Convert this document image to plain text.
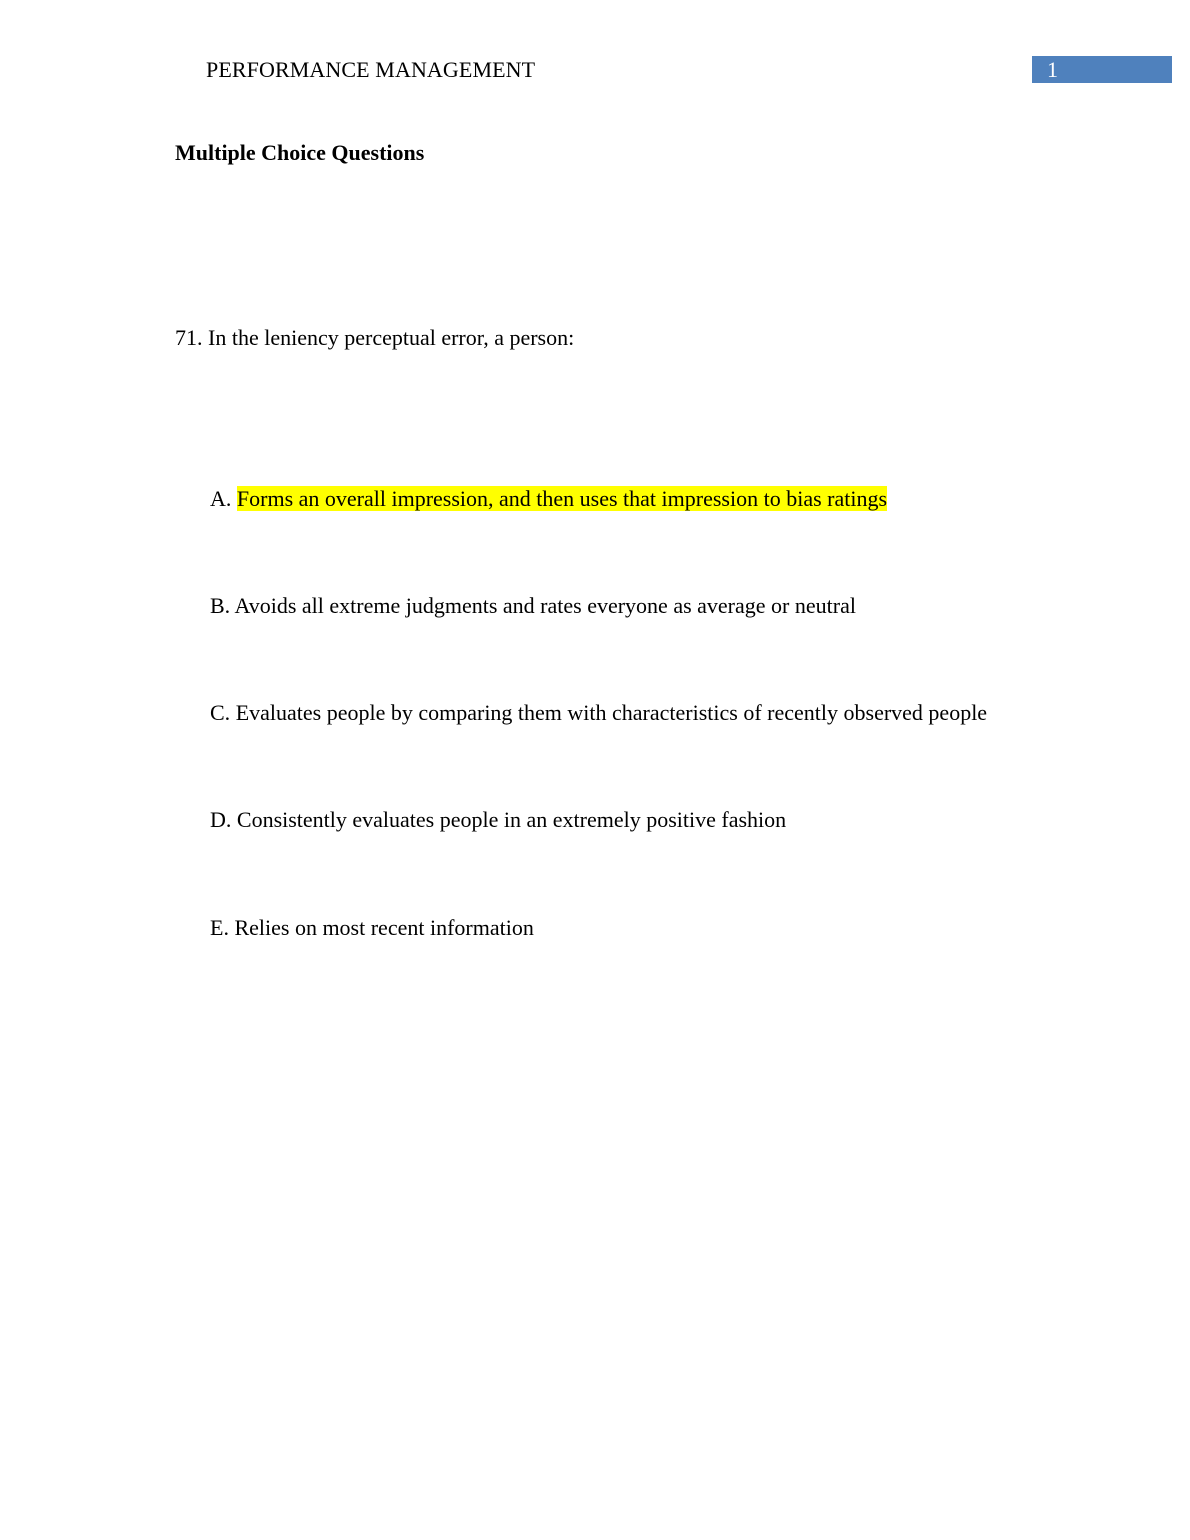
PERFORMANCE MANAGEMENT	1
Multiple Choice Questions
71. In the leniency perceptual error, a person:
A. Forms an overall impression, and then uses that impression to bias ratings
B. Avoids all extreme judgments and rates everyone as average or neutral
C. Evaluates people by comparing them with characteristics of recently observed people
D. Consistently evaluates people in an extremely positive fashion
E. Relies on most recent information
